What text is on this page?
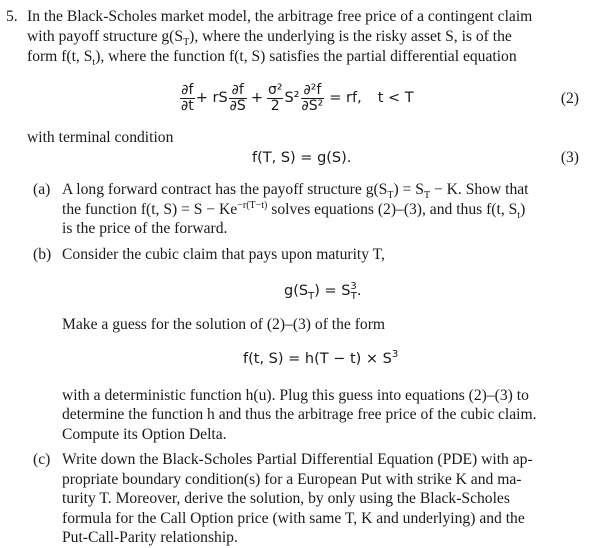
5. In the Black-Scholes market model, the arbitrage free price of a contingent claim
with payoff structure $g(S_T)$, where the underlying is the risky asset S, is of the
form f(t, $S_t$), where the function f(t, S) satisfies the partial differential equation
$\frac{\partial f}{\partial t}$ + rS $\frac{\partial f}{\partial S} + \frac{\text{σ²}}{2} S^2 \frac{\text{∂²f}}{\text{∂S²}}$ = rf, t < T	(2)
with terminal condition
f(T, S) = g(S).	(3)
(a) A long forward contract has the payoff structure $g(S_T) = S_T - K$. Show that
the function f(t, $S) = S - Ke^{-r(T-t)}$ solves equations (2)–(3), and thus f(t, $S_t$)
is the price of the forward.
(b) Consider the cubic claim that pays upon maturity T,
$g(S_T) = S^3_T$.
Make a guess for the solution of (2)–(3) of the form
f(t, $S) = h(T - t) \times S^3$
with a deterministic function h(u). Plug this guess into equations (2)–(3) to
determine the function h and thus the arbitrage free price of the cubic claim.
Compute its Option Delta.
(c) Write down the Black-Scholes Partial Differential Equation (PDE) with ap-
propriate boundary condition(s) for a European Put with strike K and ma-
turity T. Moreover, derive the solution, by only using the Black-Scholes
formula for the Call Option price (with same T, K and underlying) and the
Put-Call-Parity relationship.
